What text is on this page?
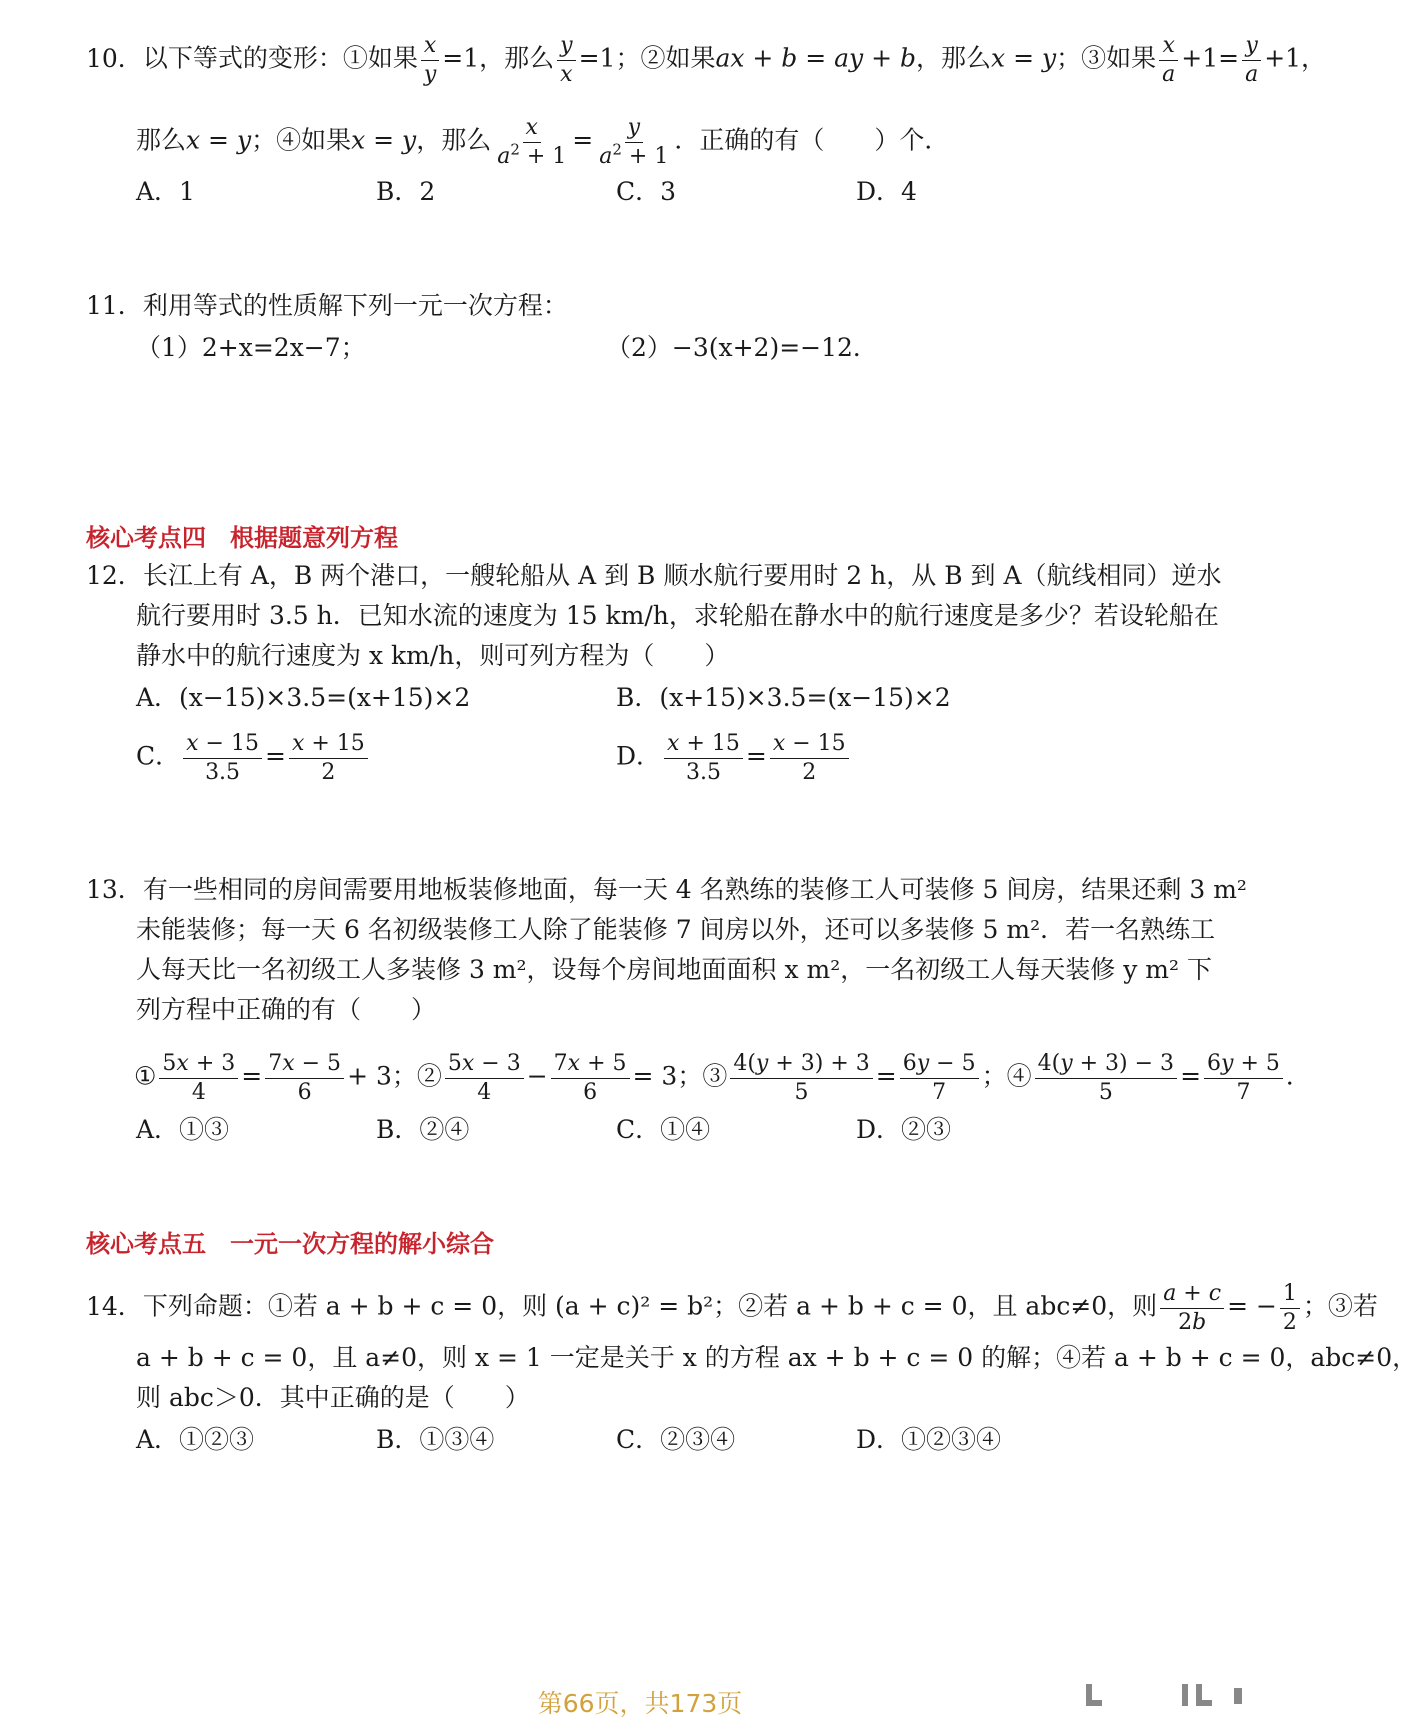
10．以下等式的变形：①如果 $\frac{x}{y} =1$，那么 $\frac{y}{x} =1$；②如果ax + b = ay + b，那么x = y；③如果 $\frac{x}{a} +1= \frac{y}{a} +1$，
那么x = y；④如果x = y，那么 $\frac{x}{a^2 + 1} = \frac{y}{a^2 + 1}$ ．正确的有（　　）个．
A．1	B．2	C．3	D．4
11．利用等式的性质解下列一元一次方程：
（1）2+x=2x−7；	（2）−3(x+2)=−12．
核心考点四 根据题意列方程
12．长江上有 A，B 两个港口，一艘轮船从 A 到 B 顺水航行要用时 2 h，从 B 到 A（航线相同）逆水
航行要用时 3.5 h．已知水流的速度为 15 km/h，求轮船在静水中的航行速度是多少？若设轮船在
静水中的航行速度为 x km/h，则可列方程为（　　）
A．(x−15)×3.5=(x+15)×2	B．(x+15)×3.5=(x−15)×2
C． $\frac{x - 15}{3.5} = \frac{x + 15}{2}$	D． $\frac{x + 15}{3.5} = \frac{x - 15}{2}$
13．有一些相同的房间需要用地板装修地面，每一天 4 名熟练的装修工人可装修 5 间房，结果还剩 3 m²
未能装修；每一天 6 名初级装修工人除了能装修 7 间房以外，还可以多装修 5 m²．若一名熟练工
人每天比一名初级工人多装修 3 m²，设每个房间地面面积 x m²，一名初级工人每天装修 y m² 下
列方程中正确的有（　　）
① $\frac{5x + 3}{4} = \frac{7x - 5}{6} + 3$；② $\frac{5x - 3}{4} - \frac{7x + 5}{6} = 3$；③ $\frac{4(y + 3) + 3}{5} = \frac{6y - 5}{7}$ ；④ $\frac{4(y + 3) - 3}{5} = \frac{6y + 5}{7}$ ．
A．①③	B．②④	C．①④	D．②③
核心考点五 一元一次方程的解小综合
14．下列命题：①若 a + b + c = 0，则 (a + c)² = b²；②若 a + b + c = 0，且 abc≠0，则 $\frac{a + c}{2b}$ = − $\frac{1}{2}$ ；③若
a + b + c = 0，且 a≠0，则 x = 1 一定是关于 x 的方程 ax + b + c = 0 的解；④若 a + b + c = 0，abc≠0，
则 abc＞0．其中正确的是（　　）
A．①②③	B．①③④	C．②③④	D．①②③④
第66页，共173页
